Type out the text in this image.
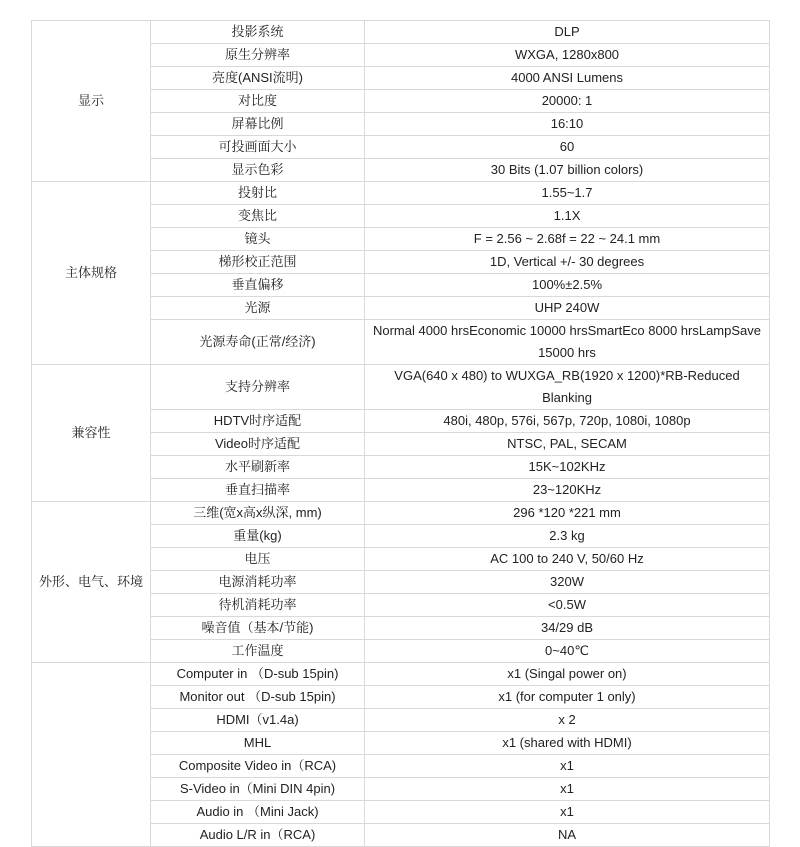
显示	投影系统	DLP
	原生分辨率	WXGA, 1280x800
	亮度(ANSI流明)	4000 ANSI Lumens
	对比度	20000: 1
	屏幕比例	16:10
	可投画面大小	60
	显示色彩	30 Bits (1.07 billion colors)
主体规格	投射比	1.55~1.7
	变焦比	1.1X
	镜头	F = 2.56 ~ 2.68f = 22 ~ 24.1 mm
	梯形校正范围	1D, Vertical +/- 30 degrees
	垂直偏移	100%±2.5%
	光源	UHP 240W
	光源寿命(正常/经济)	Normal 4000 hrsEconomic 10000 hrsSmartEco 8000 hrsLampSave 15000 hrs
兼容性	支持分辨率	VGA(640 x 480) to WUXGA_RB(1920 x 1200)*RB-Reduced Blanking
	HDTV时序适配	480i, 480p, 576i, 567p, 720p, 1080i, 1080p
	Video时序适配	NTSC, PAL, SECAM
	水平刷新率	15K~102KHz
	垂直扫描率	23~120KHz
外形、电气、环境	三维(宽x高x纵深, mm)	296 *120 *221 mm
	重量(kg)	2.3 kg
	电压	AC 100 to 240 V, 50/60 Hz
	电源消耗功率	320W
	待机消耗功率	<0.5W
	噪音值（基本/节能)	34/29 dB
	工作温度	0~40℃
	Computer in （D-sub 15pin)	x1 (Singal power on)
	Monitor out （D-sub 15pin)	x1 (for computer 1 only)
	HDMI（v1.4a)	x 2
	MHL	x1 (shared with HDMI)
	Composite Video in（RCA)	x1
	S-Video in（Mini DIN 4pin)	x1
	Audio in （Mini Jack)	x1
	Audio L/R in（RCA)	NA
